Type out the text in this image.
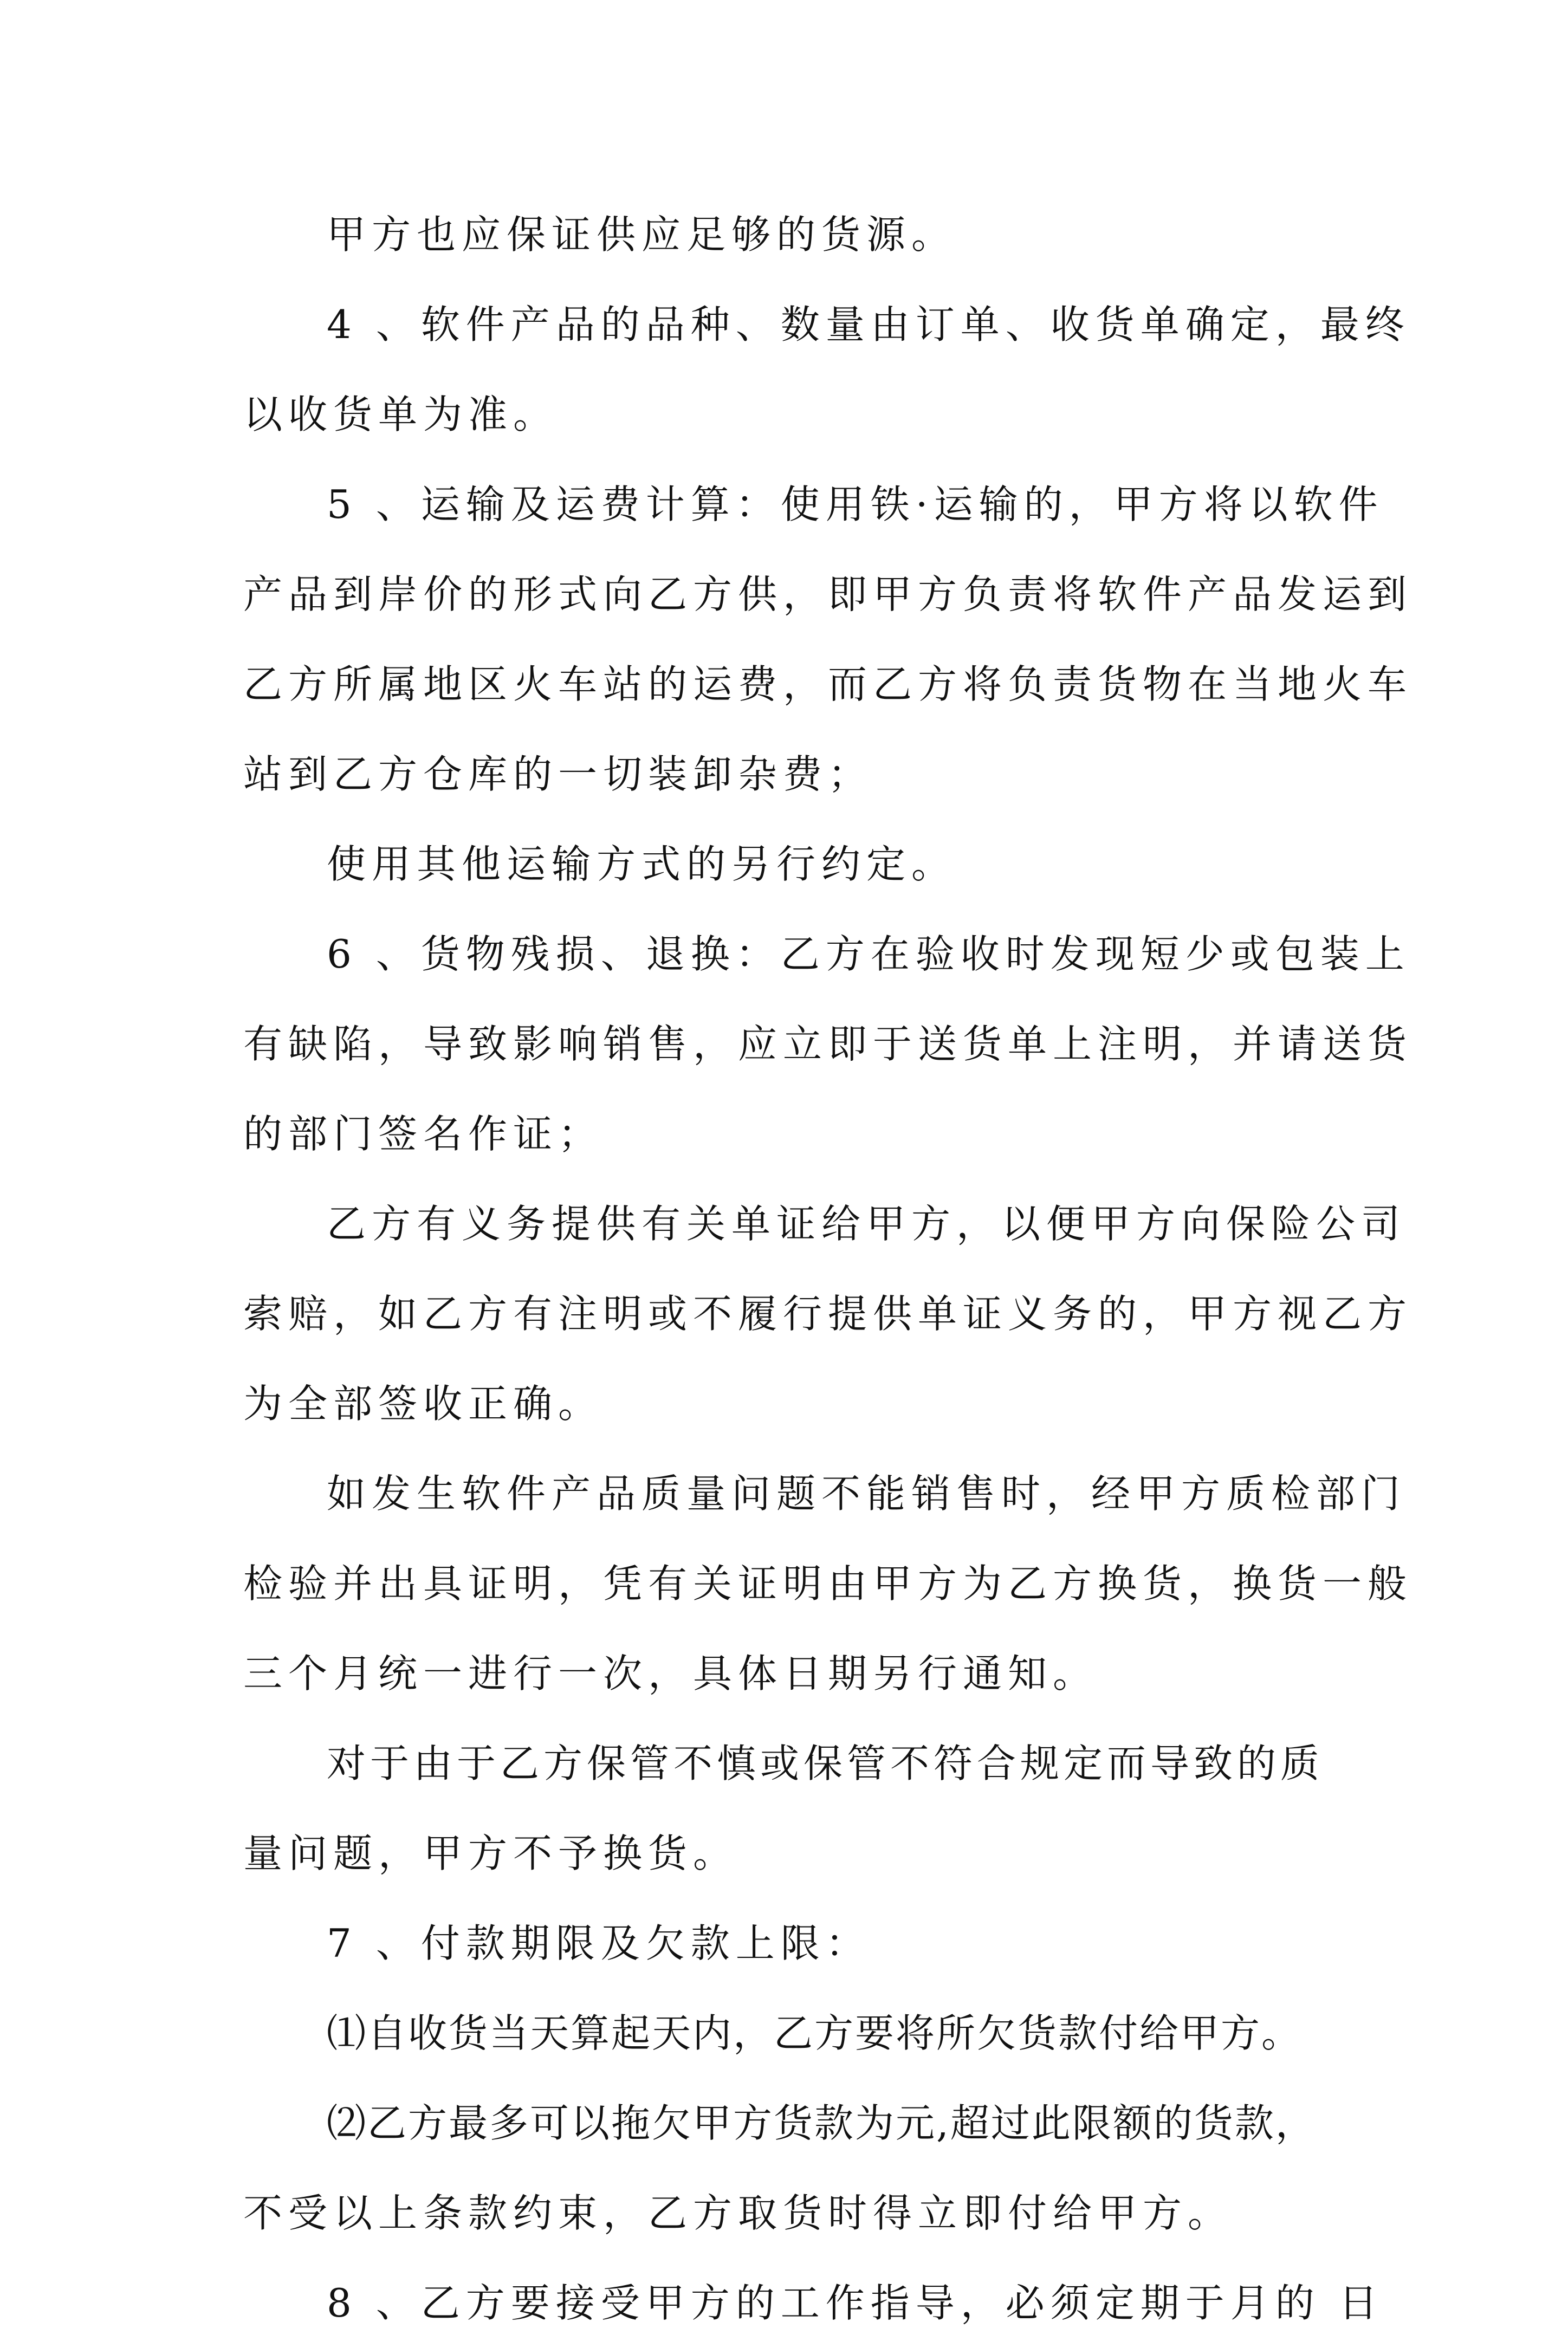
甲方也应保证供应足够的货源。
4 、软件产品的品种、数量由订单、收货单确定，最终
以收货单为准。
5 、运输及运费计算：使用铁·运输的，甲方将以软件
产品到岸价的形式向乙方供，即甲方负责将软件产品发运到
乙方所属地区火车站的运费，而乙方将负责货物在当地火车
站到乙方仓库的一切装卸杂费；
使用其他运输方式的另行约定。
6 、货物残损、退换：乙方在验收时发现短少或包装上
有缺陷，导致影响销售，应立即于送货单上注明，并请送货
的部门签名作证；
乙方有义务提供有关单证给甲方，以便甲方向保险公司
索赔，如乙方有注明或不履行提供单证义务的，甲方视乙方
为全部签收正确。
如发生软件产品质量问题不能销售时，经甲方质检部门
检验并出具证明，凭有关证明由甲方为乙方换货，换货一般
三个月统一进行一次，具体日期另行通知。
对于由于乙方保管不慎或保管不符合规定而导致的质
量问题，甲方不予换货。
7 、付款期限及欠款上限：
⑴自收货当天算起天内，乙方要将所欠货款付给甲方。
⑵乙方最多可以拖欠甲方货款为元,超过此限额的货款，
不受以上条款约束，乙方取货时得立即付给甲方。
8 、乙方要接受甲方的工作指导，必须定期于月的 日
